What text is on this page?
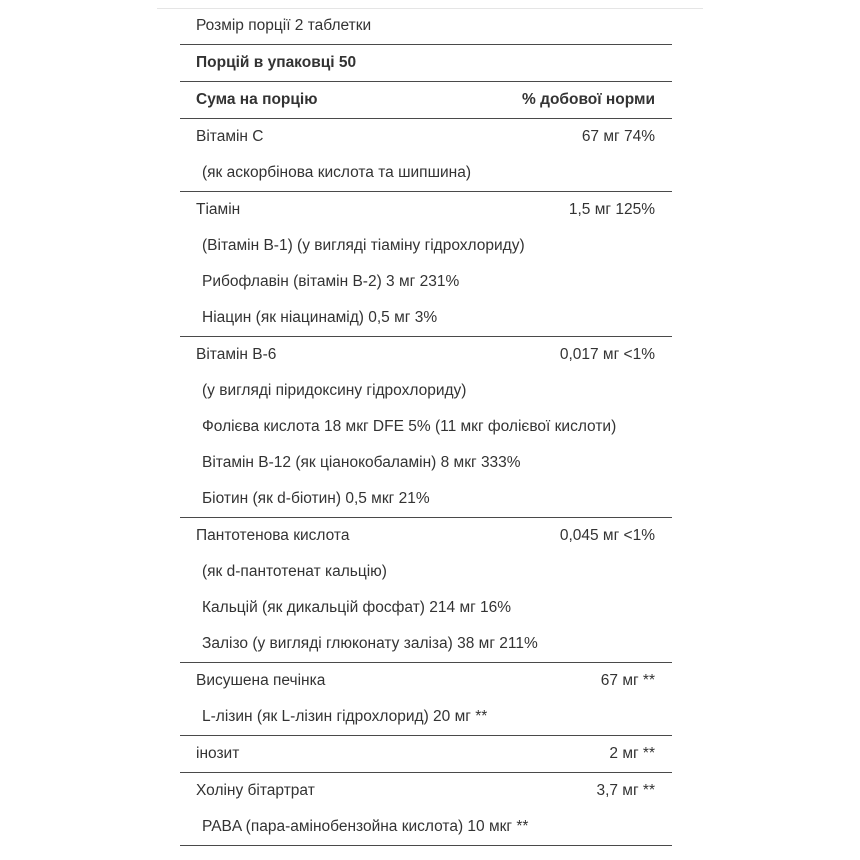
Розмір порції 2 таблетки
Порцій в упаковці 50
Сума на порцію	% добової норми
Вітамін С	67 мг 74%
(як аскорбінова кислота та шипшина)
Тіамін	1,5 мг 125%
(Вітамін В-1) (у вигляді тіаміну гідрохлориду)
Рибофлавін (вітамін В-2) 3 мг 231%
Ніацин (як ніацинамід) 0,5 мг 3%
Вітамін В-6	0,017 мг <1%
(у вигляді піридоксину гідрохлориду)
Фолієва кислота 18 мкг DFE 5% (11 мкг фолієвої кислоти)
Вітамін В-12 (як ціанокобаламін) 8 мкг 333%
Біотин (як d-біотин) 0,5 мкг 21%
Пантотенова кислота	0,045 мг <1%
(як d-пантотенат кальцію)
Кальцій (як дикальцій фосфат) 214 мг 16%
Залізо (у вигляді глюконату заліза) 38 мг 211%
Висушена печінка	67 мг **
L-лізин (як L-лізин гідрохлорид) 20 мг **
інозит	2 мг **
Холіну бітартрат	3,7 мг **
PABA (пара-амінобензойна кислота) 10 мкг **
